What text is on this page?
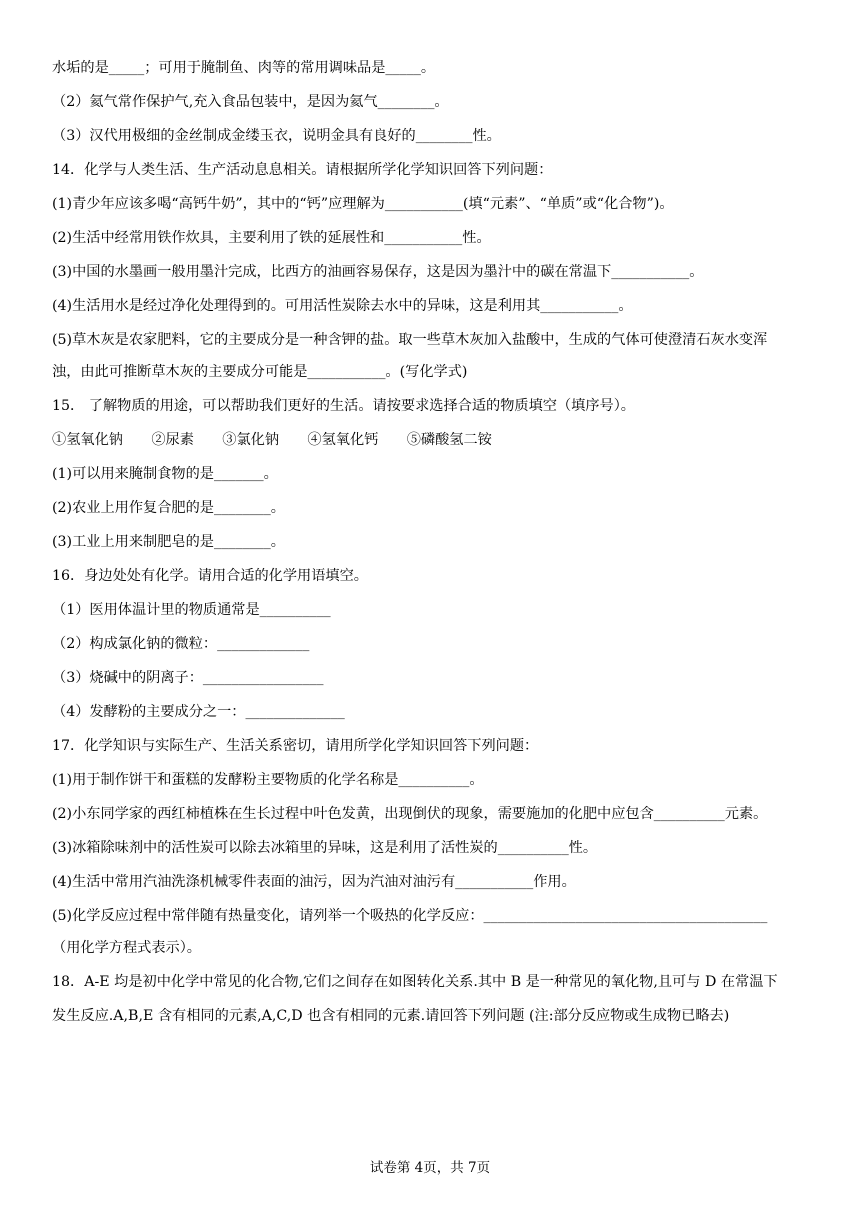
水垢的是_____；可用于腌制鱼、肉等的常用调味品是_____。
（2）氦气常作保护气,充入食品包装中，是因为氦气________。
（3）汉代用极细的金丝制成金缕玉衣，说明金具有良好的________性。
14．化学与人类生活、生产活动息息相关。请根据所学化学知识回答下列问题：
(1)青少年应该多喝“高钙牛奶”，其中的“钙”应理解为___________(填“元素”、“单质”或“化合物”)。
(2)生活中经常用铁作炊具，主要利用了铁的延展性和___________性。
(3)中国的水墨画一般用墨汁完成，比西方的油画容易保存，这是因为墨汁中的碳在常温下___________。
(4)生活用水是经过净化处理得到的。可用活性炭除去水中的异味，这是利用其___________。
(5)草木灰是农家肥料，它的主要成分是一种含钾的盐。取一些草木灰加入盐酸中，生成的气体可使澄清石灰水变浑
浊，由此可推断草木灰的主要成分可能是___________。(写化学式)
15． 了解物质的用途，可以帮助我们更好的生活。请按要求选择合适的物质填空（填序号）。
①氢氧化钠　　②尿素　　③氯化钠　　④氢氧化钙　　⑤磷酸氢二铵
(1)可以用来腌制食物的是_______。
(2)农业上用作复合肥的是________。
(3)工业上用来制肥皂的是________。
16．身边处处有化学。请用合适的化学用语填空。
（1）医用体温计里的物质通常是__________
（2）构成氯化钠的微粒：_____________
（3）烧碱中的阴离子：_________________
（4）发酵粉的主要成分之一：______________
17．化学知识与实际生产、生活关系密切，请用所学化学知识回答下列问题：
(1)用于制作饼干和蛋糕的发酵粉主要物质的化学名称是__________。
(2)小东同学家的西红柿植株在生长过程中叶色发黄，出现倒伏的现象，需要施加的化肥中应包含__________元素。
(3)冰箱除味剂中的活性炭可以除去冰箱里的异味，这是利用了活性炭的__________性。
(4)生活中常用汽油洗涤机械零件表面的油污，因为汽油对油污有___________作用。
(5)化学反应过程中常伴随有热量变化，请列举一个吸热的化学反应：________________________________________
（用化学方程式表示）。
18．A-E 均是初中化学中常见的化合物,它们之间存在如图转化关系.其中 B 是一种常见的氧化物,且可与 D 在常温下
发生反应.A,B,E 含有相同的元素,A,C,D 也含有相同的元素.请回答下列问题 (注:部分反应物或生成物已略去)
试卷第 4页，共 7页
